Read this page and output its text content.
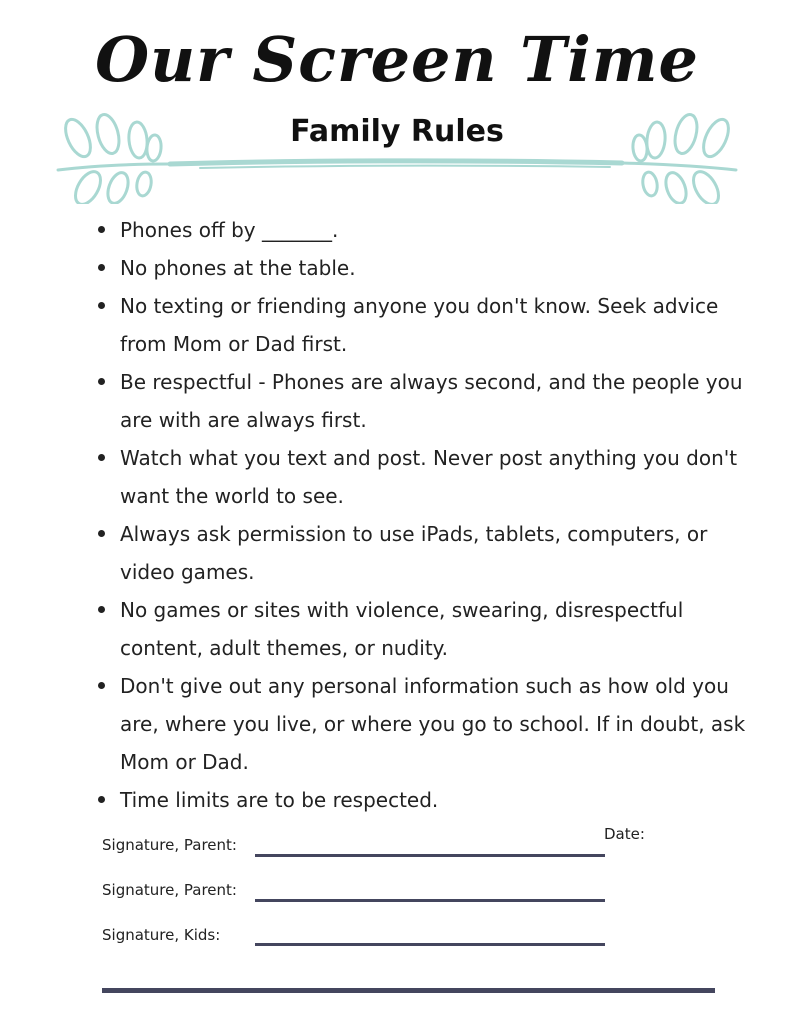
Our Screen Time
Family Rules
Phones off by _______.
No phones at the table.
No texting or friending anyone you don't know. Seek advice from Mom or Dad first.
Be respectful - Phones are always second, and the people you are with are always first.
Watch what you text and post. Never post anything you don't want the world to see.
Always ask permission to use iPads, tablets, computers, or video games.
No games or sites with violence, swearing, disrespectful content, adult themes, or nudity.
Don't give out any personal information such as how old you are, where you live, or where you go to school. If in doubt, ask Mom or Dad.
Time limits are to be respected.
Signature, Parent:
Date:
Signature, Parent:
Signature, Kids:
